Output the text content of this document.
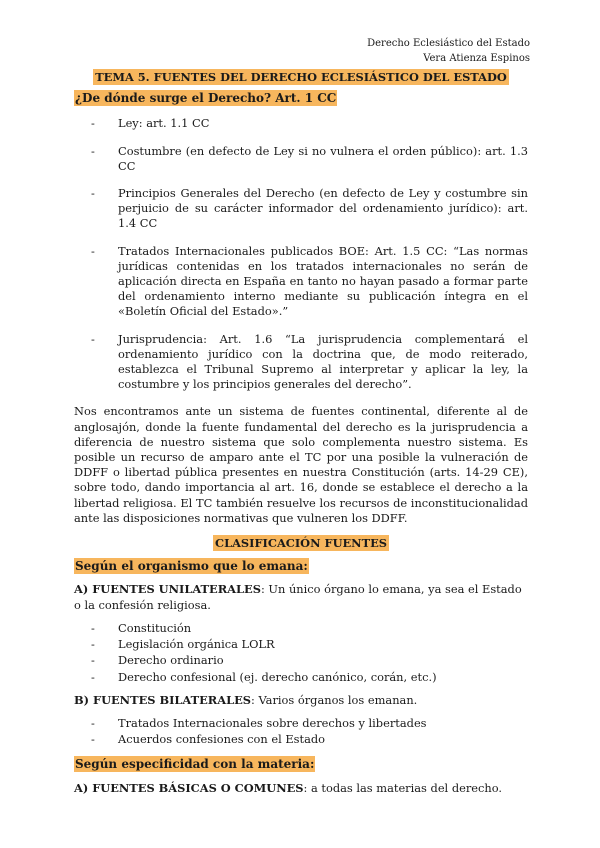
Derecho Eclesiástico del Estado
Vera Atienza Espinos
TEMA 5. FUENTES DEL DERECHO ECLESIÁSTICO DEL ESTADO
¿De dónde surge el Derecho? Art. 1 CC
- Ley: art. 1.1 CC
- Costumbre (en defecto de Ley si no vulnera el orden público): art. 1.3 CC
- Principios Generales del Derecho (en defecto de Ley y costumbre sin perjuicio de su carácter informador del ordenamiento jurídico): art. 1.4 CC
- Tratados Internacionales publicados BOE: Art. 1.5 CC: “Las normas jurídicas contenidas en los tratados internacionales no serán de aplicación directa en España en tanto no hayan pasado a formar parte del ordenamiento interno mediante su publicación íntegra en el «Boletín Oficial del Estado».”
- Jurisprudencia: Art. 1.6 “La jurisprudencia complementará el ordenamiento jurídico con la doctrina que, de modo reiterado, establezca el Tribunal Supremo al interpretar y aplicar la ley, la costumbre y los principios generales del derecho”.

Nos encontramos ante un sistema de fuentes continental, diferente al de anglosajón, donde la fuente fundamental del derecho es la jurisprudencia a diferencia de nuestro sistema que solo complementa nuestro sistema. Es posible un recurso de amparo ante el TC por una posible la vulneración de DDFF o libertad pública presentes en nuestra Constitución (arts. 14-29 CE), sobre todo, dando importancia al art. 16, donde se establece el derecho a la libertad religiosa. El TC también resuelve los recursos de inconstitucionalidad ante las disposiciones normativas que vulneren los DDFF.

CLASIFICACIÓN FUENTES
Según el organismo que lo emana:

A) FUENTES UNILATERALES: Un único órgano lo emana, ya sea el Estado o la confesión religiosa.

- Constitución
- Legislación orgánica LOLR
- Derecho ordinario
- Derecho confesional (ej. derecho canónico, corán, etc.)

B) FUENTES BILATERALES: Varios órganos los emanan.

- Tratados Internacionales sobre derechos y libertades
- Acuerdos confesiones con el Estado
Según especificidad con la materia:

A) FUENTES BÁSICAS O COMUNES: a todas las materias del derecho.
